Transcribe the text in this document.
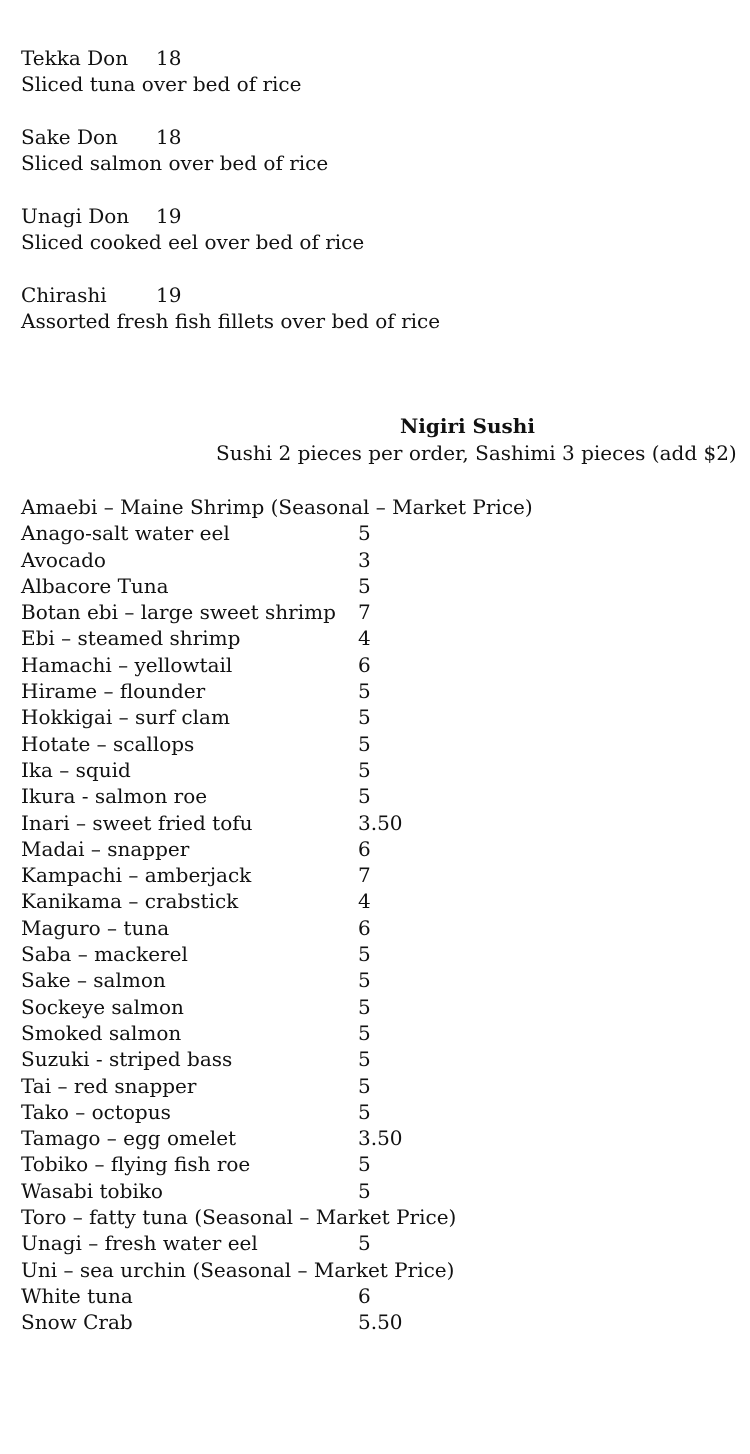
Tekka Don 18
Sliced tuna over bed of rice
Sake Don 18
Sliced salmon over bed of rice
Unagi Don 19
Sliced cooked eel over bed of rice
Chirashi 19
Assorted fresh fish fillets over bed of rice
Nigiri Sushi
Sushi 2 pieces per order, Sashimi 3 pieces (add $2)
Amaebi – Maine Shrimp (Seasonal – Market Price)
Anago-salt water eel	5
Avocado	3
Albacore Tuna	5
Botan ebi – large sweet shrimp 7
Ebi – steamed shrimp	4
Hamachi – yellowtail	6
Hirame – flounder	5
Hokkigai – surf clam	5
Hotate – scallops	5
Ika – squid	5
Ikura - salmon roe	5
Inari – sweet fried tofu	3.50
Madai – snapper	6
Kampachi – amberjack	7
Kanikama – crabstick	4
Maguro – tuna	6
Saba – mackerel	5
Sake – salmon	5
Sockeye salmon	5
Smoked salmon	5
Suzuki - striped bass	5
Tai – red snapper	5
Tako – octopus	5
Tamago – egg omelet	3.50
Tobiko – flying fish roe	5
Wasabi tobiko	5
Toro – fatty tuna (Seasonal – Market Price)
Unagi – fresh water eel	5
Uni – sea urchin (Seasonal – Market Price)
White tuna	6
Snow Crab	5.50
